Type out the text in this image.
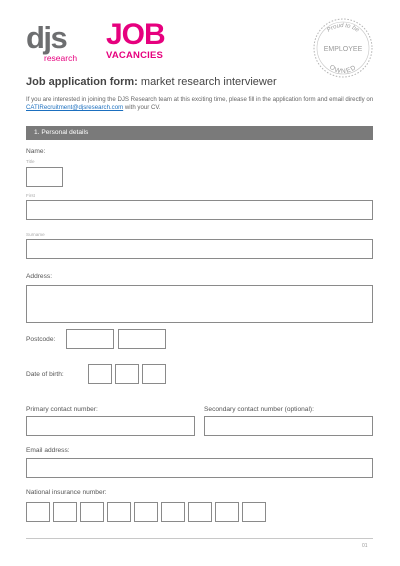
djs
research
JOB
VACANCIES
Proud to be
EMPLOYEE
OWNED
Job application form: market research interviewer
If you are interested in joining the DJS Research team at this exciting time, please fill in the application form and email directly on CATIRecruitment@djsresearch.com with your CV.
1. Personal details
Name:
Title
First
Surname
Address:
Postcode:
Date of birth:
Primary contact number:	Secondary contact number (optional):
Email address:
National insurance number:
01
